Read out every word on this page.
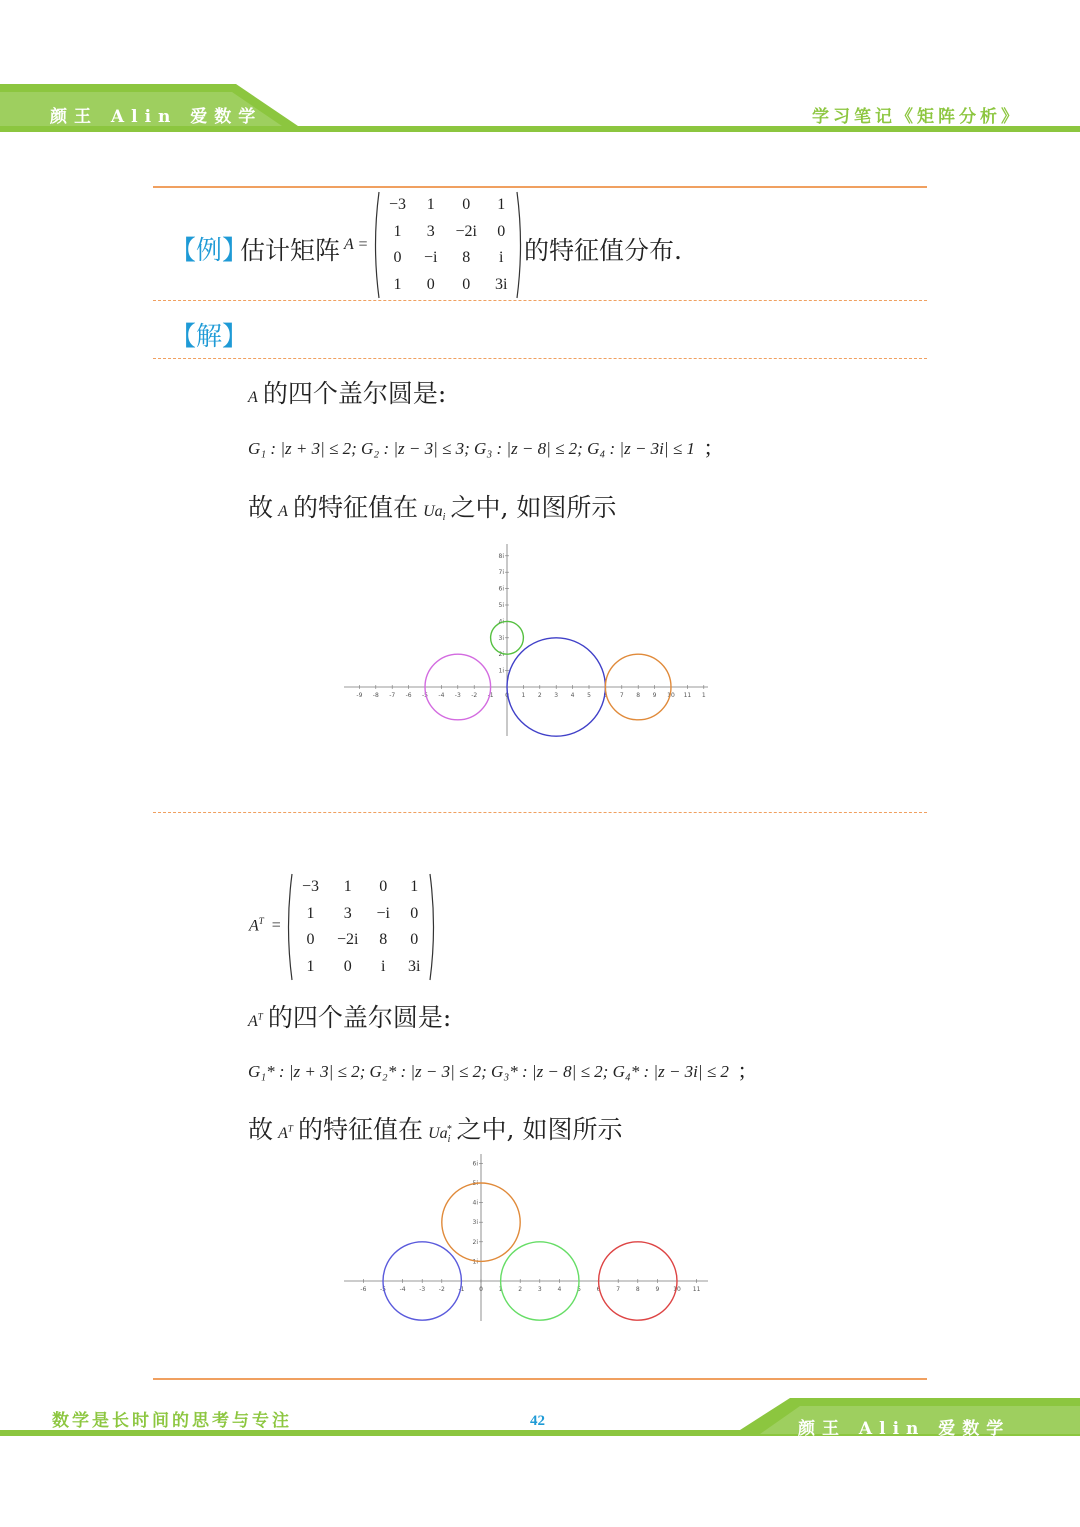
颜王 Alin 爱数学	学习笔记《矩阵分析》
【例】
估计矩阵 A =
−3	1	0	1
1	3	−2i	0
0	−i	8	i
1	0	0	3i
的特征值分布.
【解】
A 的四个盖尔圆是:
G₁ : |z + 3| ≤ 2; G₂ : |z − 3| ≤ 3; G₃ : |z − 8| ≤ 2; G₄ : |z − 3i| ≤ 1 ;
故 A 的特征值在 $Ua_i$ 之中, 如图所示
-9 -8 -7 -6 -5 -4 -3 -2 -1 0 1 2 3 4 5 6 7 8 9 10 11 1
1i
2i
3i
4i
5i
6i
7i
8i
$A^T$ =
−3	1	0	1
1	3	−i	0
0	−2i	8	0
1	0	i	3i
$A^T$ 的四个盖尔圆是:
G₁* : |z + 3| ≤ 2; G₂* : |z − 3| ≤ 2; G₃* : |z − 8| ≤ 2; G₄* : |z − 3i| ≤ 2 ;
故 $A^T$ 的特征值在 $Ua_i^*$ 之中, 如图所示
-6 -5 -4 -3 -2 -1 0	1	2	3	4	5	6	7	8	9 10 11
1i
2i
3i
4i
5i
6i
数学是长时间的思考与专注	42	颜王 Alin 爱数学
